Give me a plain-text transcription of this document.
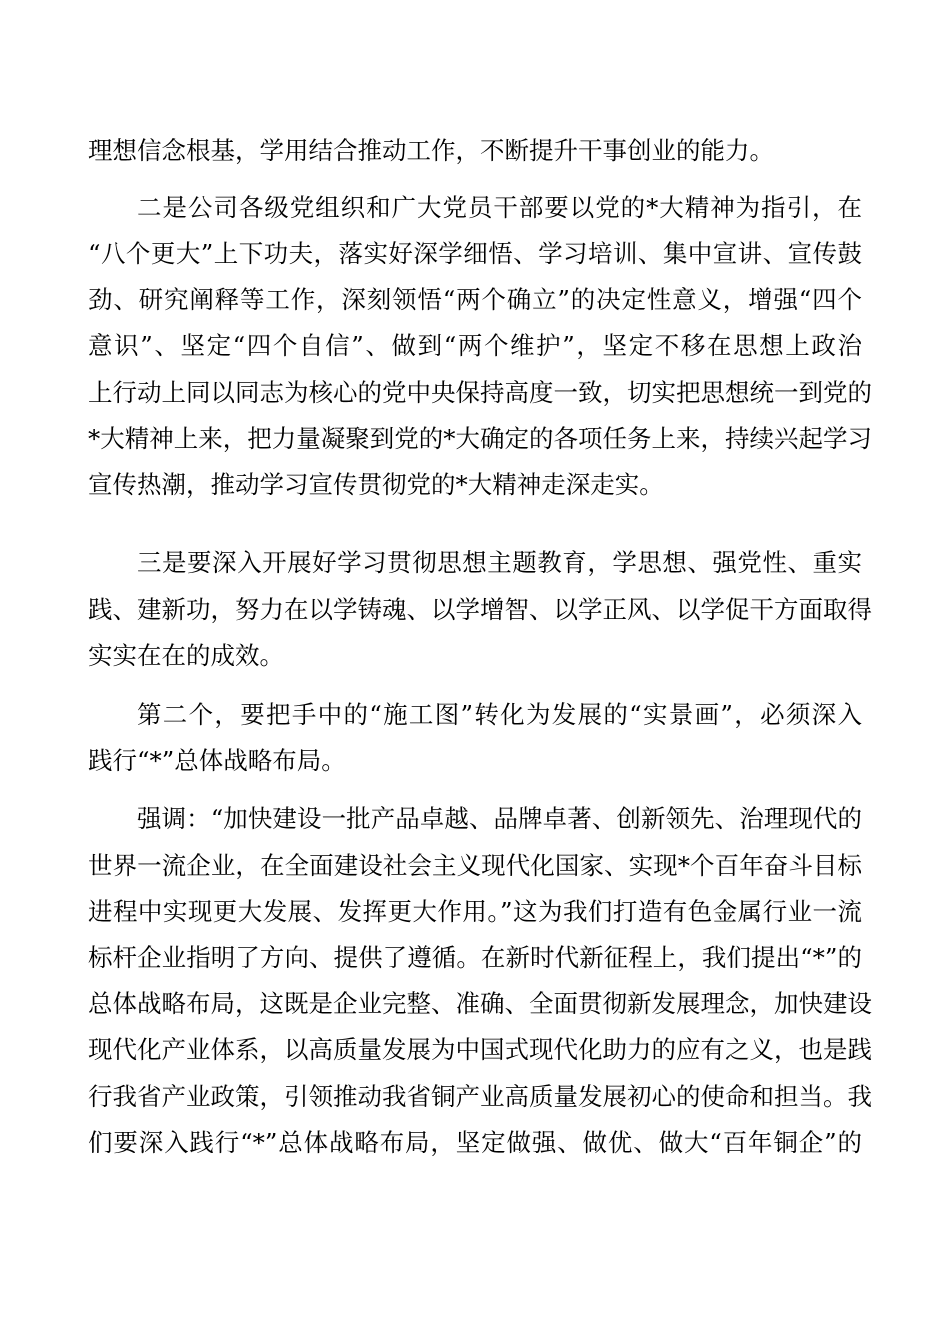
理想信念根基，学用结合推动工作，不断提升干事创业的能力。
二是公司各级党组织和广大党员干部要以党的*大精神为指引，在
“八个更大”上下功夫，落实好深学细悟、学习培训、集中宣讲、宣传鼓
劲、研究阐释等工作，深刻领悟“两个确立”的决定性意义，增强“四个
意识”、坚定“四个自信”、做到“两个维护”，坚定不移在思想上政治
上行动上同以同志为核心的党中央保持高度一致，切实把思想统一到党的
*大精神上来，把力量凝聚到党的*大确定的各项任务上来，持续兴起学习
宣传热潮，推动学习宣传贯彻党的*大精神走深走实。
三是要深入开展好学习贯彻思想主题教育，学思想、强党性、重实
践、建新功，努力在以学铸魂、以学增智、以学正风、以学促干方面取得
实实在在的成效。
第二个，要把手中的“施工图”转化为发展的“实景画”，必须深入
践行“*”总体战略布局。
强调：“加快建设一批产品卓越、品牌卓著、创新领先、治理现代的
世界一流企业，在全面建设社会主义现代化国家、实现*个百年奋斗目标
进程中实现更大发展、发挥更大作用。”这为我们打造有色金属行业一流
标杆企业指明了方向、提供了遵循。在新时代新征程上，我们提出“*”的
总体战略布局，这既是企业完整、准确、全面贯彻新发展理念，加快建设
现代化产业体系，以高质量发展为中国式现代化助力的应有之义，也是践
行我省产业政策，引领推动我省铜产业高质量发展初心的使命和担当。我
们要深入践行“*”总体战略布局，坚定做强、做优、做大“百年铜企”的
